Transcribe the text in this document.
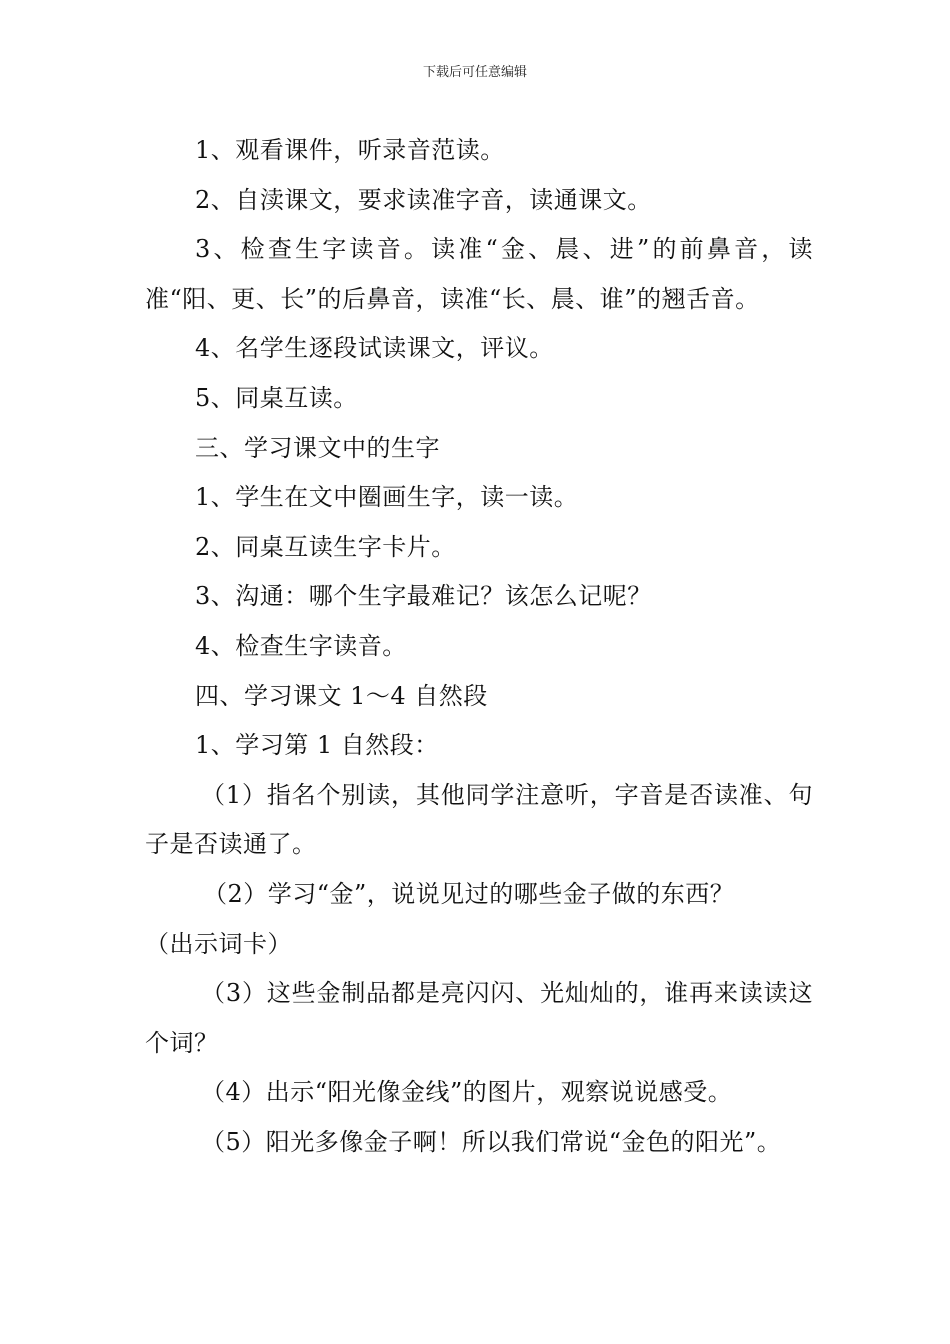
下载后可任意编辑

1、观看课件，听录音范读。

2、自渎课文，要求读准字音，读通课文。

3、检查生字读音。读准“金、晨、进”的前鼻音，读准“阳、更、长”的后鼻音，读准“长、晨、谁”的翘舌音。

4、名学生逐段试读课文，评议。

5、同桌互读。

三、学习课文中的生字

1、学生在文中圈画生字，读一读。

2、同桌互读生字卡片。

3、沟通：哪个生字最难记？该怎么记呢？

4、检查生字读音。

四、学习课文 1～4 自然段

1、学习第 1 自然段：

（1）指名个别读，其他同学注意听，字音是否读准、句子是否读通了。

（2）学习“金”，说说见过的哪些金子做的东西？

（出示词卡）

（3）这些金制品都是亮闪闪、光灿灿的，谁再来读读这个词？

（4）出示“阳光像金线”的图片，观察说说感受。

（5）阳光多像金子啊！所以我们常说“金色的阳光”。
